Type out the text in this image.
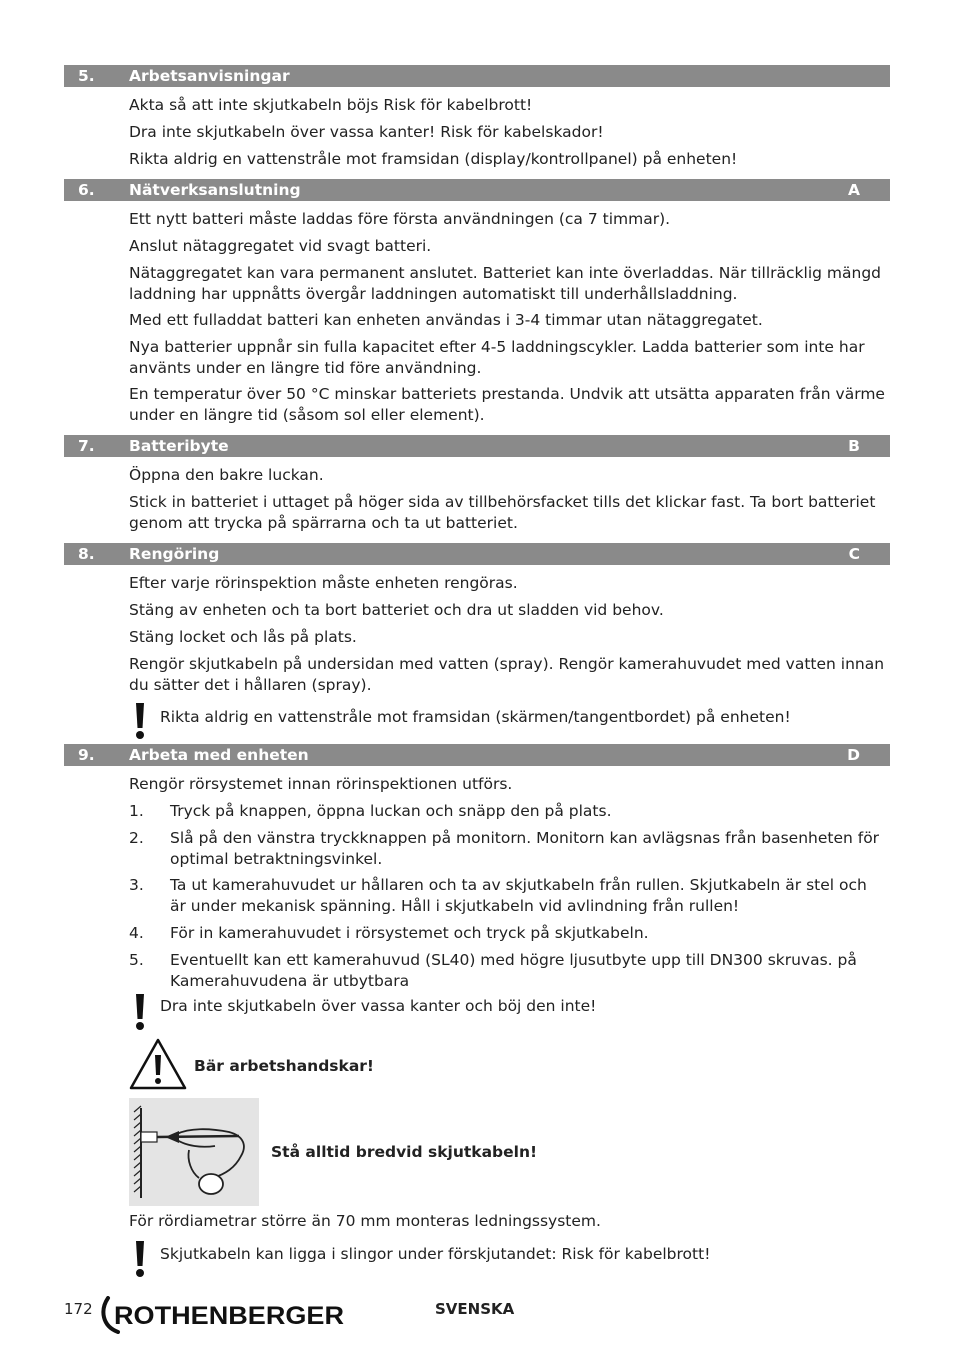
5. Arbetsanvisningar

Akta så att inte skjutkabeln böjs Risk för kabelbrott!

Dra inte skjutkabeln över vassa kanter! Risk för kabelskador!

Rikta aldrig en vattenstråle mot framsidan (display/kontrollpanel) på enheten!

6. Nätverksanslutning	A

Ett nytt batteri måste laddas före första användningen (ca 7 timmar).

Anslut nätaggregatet vid svagt batteri.

Nätaggregatet kan vara permanent anslutet. Batteriet kan inte överladdas. När tillräcklig mängd laddning har uppnåtts övergår laddningen automatiskt till underhållsladdning.

Med ett fulladdat batteri kan enheten användas i 3-4 timmar utan nätaggregatet.

Nya batterier uppnår sin fulla kapacitet efter 4-5 laddningscykler. Ladda batterier som inte har använts under en längre tid före användning.

En temperatur över 50 °C minskar batteriets prestanda. Undvik att utsätta apparaten från värme under en längre tid (såsom sol eller element).

7. Batteribyte	B

Öppna den bakre luckan.

Stick in batteriet i uttaget på höger sida av tillbehörsfacket tills det klickar fast. Ta bort batteriet genom att trycka på spärrarna och ta ut batteriet.

8. Rengöring	C

Efter varje rörinspektion måste enheten rengöras.

Stäng av enheten och ta bort batteriet och dra ut sladden vid behov.

Stäng locket och lås på plats.

Rengör skjutkabeln på undersidan med vatten (spray). Rengör kamerahuvudet med vatten innan du sätter det i hållaren (spray).

Rikta aldrig en vattenstråle mot framsidan (skärmen/tangentbordet) på enheten!
9. Arbeta med enheten	D

Rengör rörsystemet innan rörinspektionen utförs.

1. Tryck på knappen, öppna luckan och snäpp den på plats.
2. Slå på den vänstra tryckknappen på monitorn. Monitorn kan avlägsnas från basenheten för optimal betraktningsvinkel.
3. Ta ut kamerahuvudet ur hållaren och ta av skjutkabeln från rullen. Skjutkabeln är stel och är under mekanisk spänning. Håll i skjutkabeln vid avlindning från rullen!
4. För in kamerahuvudet i rörsystemet och tryck på skjutkabeln.
5. Eventuellt kan ett kamerahuvud (SL40) med högre ljusutbyte upp till DN300 skruvas. på Kamerahuvudena är utbytbara
Dra inte skjutkabeln över vassa kanter och böj den inte!
Bär arbetshandskar!
Stå alltid bredvid skjutkabeln!

För rördiametrar större än 70 mm monteras ledningssystem.

Skjutkabeln kan ligga i slingor under förskjutandet: Risk för kabelbrott!
172 ROTHENBERGER	SVENSKA
